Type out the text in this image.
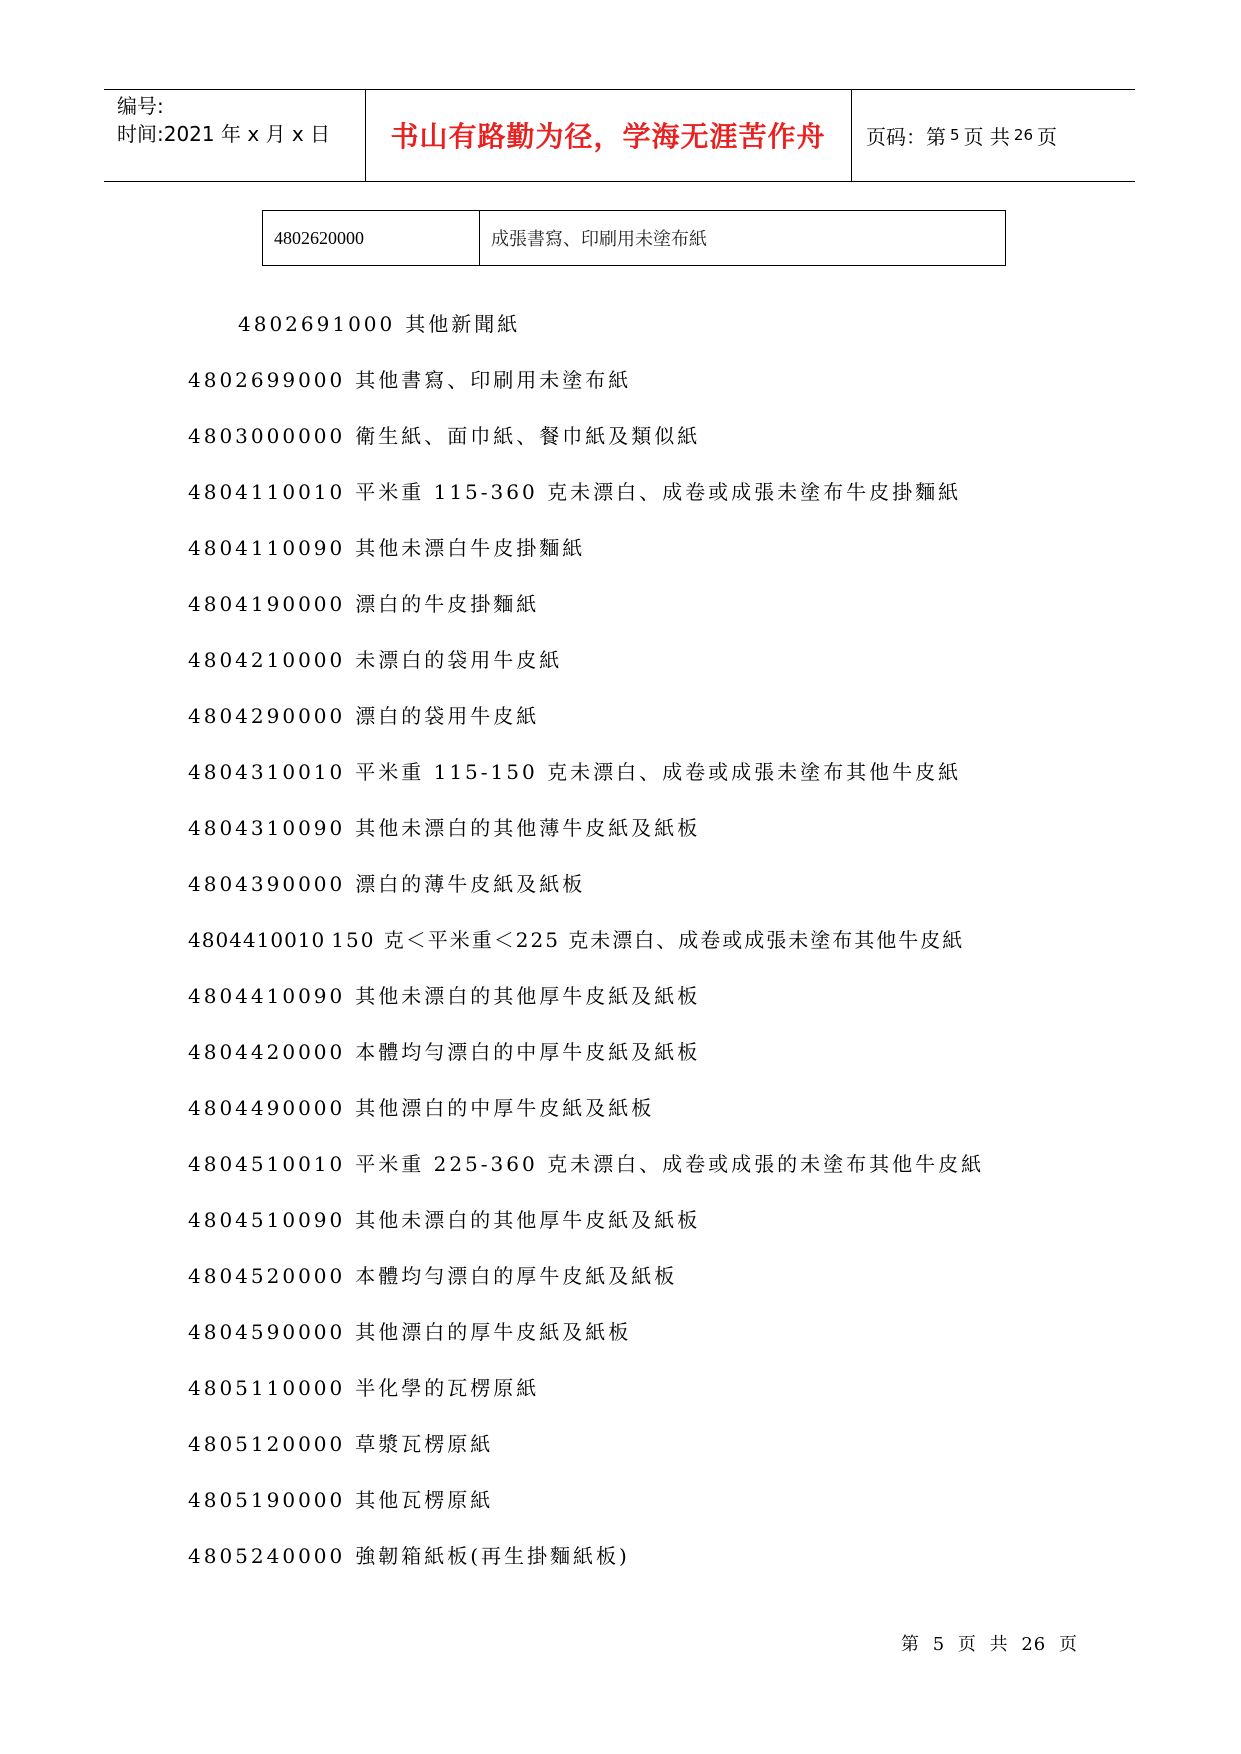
编号:
时间:2021 年 x 月 x 日	书山有路勤为径，学海无涯苦作舟	页码：第 5 页 共 26 页
4802620000	成張書寫、印刷用未塗布紙
4802691000 其他新聞紙
4802699000 其他書寫、印刷用未塗布紙
4803000000 衛生紙、面巾紙、餐巾紙及類似紙
4804110010 平米重 115-360 克未漂白、成卷或成張未塗布牛皮掛麵紙
4804110090 其他未漂白牛皮掛麵紙
4804190000 漂白的牛皮掛麵紙
4804210000 未漂白的袋用牛皮紙
4804290000 漂白的袋用牛皮紙
4804310010 平米重 115-150 克未漂白、成卷或成張未塗布其他牛皮紙
4804310090 其他未漂白的其他薄牛皮紙及紙板
4804390000 漂白的薄牛皮紙及紙板
4804410010 150 克＜平米重＜225 克未漂白、成卷或成張未塗布其他牛皮紙
4804410090 其他未漂白的其他厚牛皮紙及紙板
4804420000 本體均勻漂白的中厚牛皮紙及紙板
4804490000 其他漂白的中厚牛皮紙及紙板
4804510010 平米重 225-360 克未漂白、成卷或成張的未塗布其他牛皮紙
4804510090 其他未漂白的其他厚牛皮紙及紙板
4804520000 本體均勻漂白的厚牛皮紙及紙板
4804590000 其他漂白的厚牛皮紙及紙板
4805110000 半化學的瓦楞原紙
4805120000 草漿瓦楞原紙
4805190000 其他瓦楞原紙
4805240000 強韌箱紙板(再生掛麵紙板)
第 5 页 共 26 页
